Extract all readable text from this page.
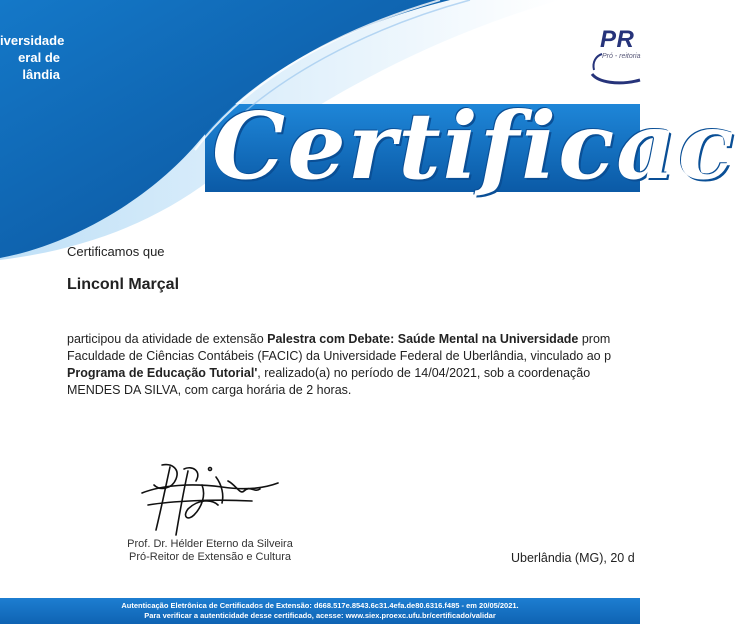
iversidade
eral de
lândia
PR
Pró - reitoria
Certificac
Certificamos que
Linconl Marçal
participou da atividade de extensão Palestra com Debate: Saúde Mental na Universidade prom
Faculdade de Ciências Contábeis (FACIC) da Universidade Federal de Uberlândia, vinculado ao p
Programa de Educação Tutorial', realizado(a) no período de 14/04/2021, sob a coordenação
MENDES DA SILVA, com carga horária de 2 horas.
Prof. Dr. Hélder Eterno da Silveira
Pró-Reitor de Extensão e Cultura	Uberlândia (MG), 20 d
Autenticação Eletrônica de Certificados de Extensão: d668.517e.8543.6c31.4efa.de80.6316.f485 - em 20/05/2021.
Para verificar a autenticidade desse certificado, acesse: www.siex.proexc.ufu.br/certificado/validar
